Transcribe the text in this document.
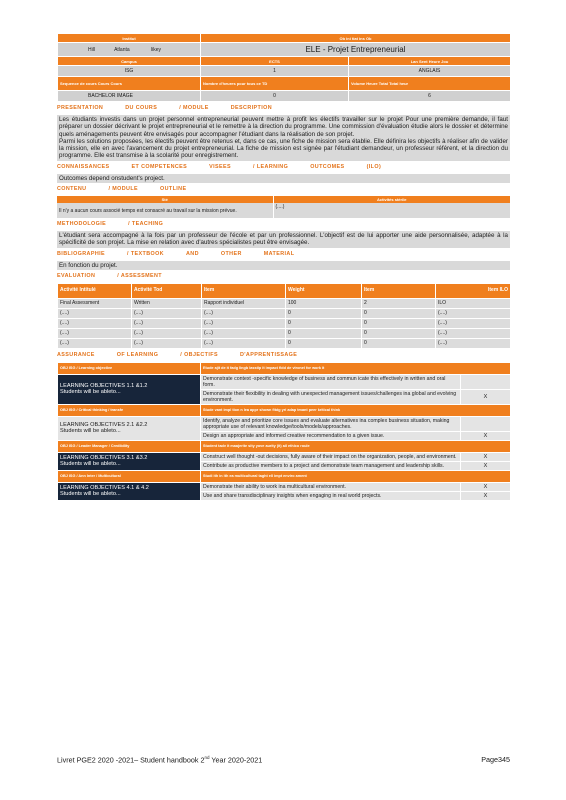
Institut	Ob ini tiat ins Ob	
Hill Atlanta likey	ELE - Projet Entrepreneurial	
Campus	ECTS	Lan Sent Heure Jou
ISG	1	ANGLAIS
Sequence de cours Cours Cours	Nombre d'heures pour tous ce TD	Volume Heure Total Total heur
BACHELOR IMAGE	0	6
PRESENTATION	DU COURS	/ MODULE	DESCRIPTION
Les étudiants investis dans un projet personnel entrepreneurial peuvent mettre à profit les électifs travailler sur le projet Pour une première demande, il faut préparer un dossier décrivant le projet entrepreneurial et le remettre à la direction du programme. Une commission d'évaluation étudie alors le dossier et détermine quels aménagements peuvent être envisagés pour accompagner l'étudiant dans la réalisation de son projet.
Parmi les solutions proposées, les électifs peuvent être retenus et, dans ce cas, une fiche de mission sera établie. Elle définira les objectifs à réaliser afin de valider la mission, elle en avec l'avancement du projet entrepreneurial. La fiche de mission est signée par l'étudiant demandeur, un professeur référent, et la direction du programme. Elle est transmise à la scolarité pour enregistrement.
CONNAISSANCES	ET COMPETENCES	VISEES	/ LEARNING	OUTCOMES	(ILO)
Outcomes depend onstudent's project.
CONTENU	/ MODULE	OUTLINE
Sté	Activités stérile
Il n'y a aucun cours associé temps est consacré au travail sur la mission prévue.	(....)
METHODOLOGIE	/ TEACHING
L'étudiant sera accompagné à la fois par un professeur de l'école et par un professionnel. L'objectif est de lui apporter une aide personnalisée, adaptée à la spécificité de son projet. La mise en relation avec d'autres spécialistes peut être envisagée.
BIBLIOGRAPHIE	/ TEXTBOOK	AND	OTHER	MATERIAL
En fonction du projet.
EVALUATION	/ ASSESSMENT
Activité Intitulé	Activité Tod	Item	Weight	Item	Item ILO
Final Assessment	Written	Rapport individuel	100	2	ILO
(....)	(....)	(....)	0	0	(....)
(....)	(....)	(....)	0	0	(....)
(....)	(....)	(....)	0	0	(....)
(....)	(....)	(....)	0	0	(....)
ASSURANCE	OF LEARNING	/ OBJECTIFS	D'APPRENTISSAGE
OBJ ISG / Learning objective	Etude ajit de it fadg lingb lasstip it impact fidd de vironel for work it	

LEARNING OBJECTIVES 1.1 &1.2
Students will be ableto...	Demonstrate context -specific knowledge of business and commun icate this effectively in written and oral form.	
	Demonstrate their flexibility in dealing with unexpected management issues/challenges ina global and evolving environment.	X
OBJ ISG / Critical thinking / transfe	Stude vant impl tion n lea appr shown fitdg yri adap tmant peer kritical think	

LEARNING OBJECTIVES 2.1 &2.2
Students will be ableto...	Identify, analyze and prioritize core issues and evaluate alternatives ina complex business situation, making appropriate use of relevant knowledge/tools/models/approaches.	
	Design an appropriate and informed creative recommendation to a given issue.	X
OBJ ISG / Leader Manager / Credibility	Student tadv it maajerite sity yove aurity (it) ail ethico roule	

LEARNING OBJECTIVES 3.1 &3.2
Students will be ableto...	Construct well thought -out decisions, fully aware of their impact on the organization, people, and environment.	X
	Contribute as productive members to a project and demonstrate team management and leadership skills.	X
OBJ ISG / Ann Inter / Multicultural	Studi ith in ith ea multicultural taght ell impt enviro ament	

LEARNING OBJECTIVES 4.1 & 4.2
Students will be ableto...	Demonstrate their ability to work ina multicultural environment.	X
	Use and share transdisciplinary insights when engaging in real world projects.	X
Livret PGE2 2020 -2021– Student handbook 2nd Year 2020-2021	Page345
